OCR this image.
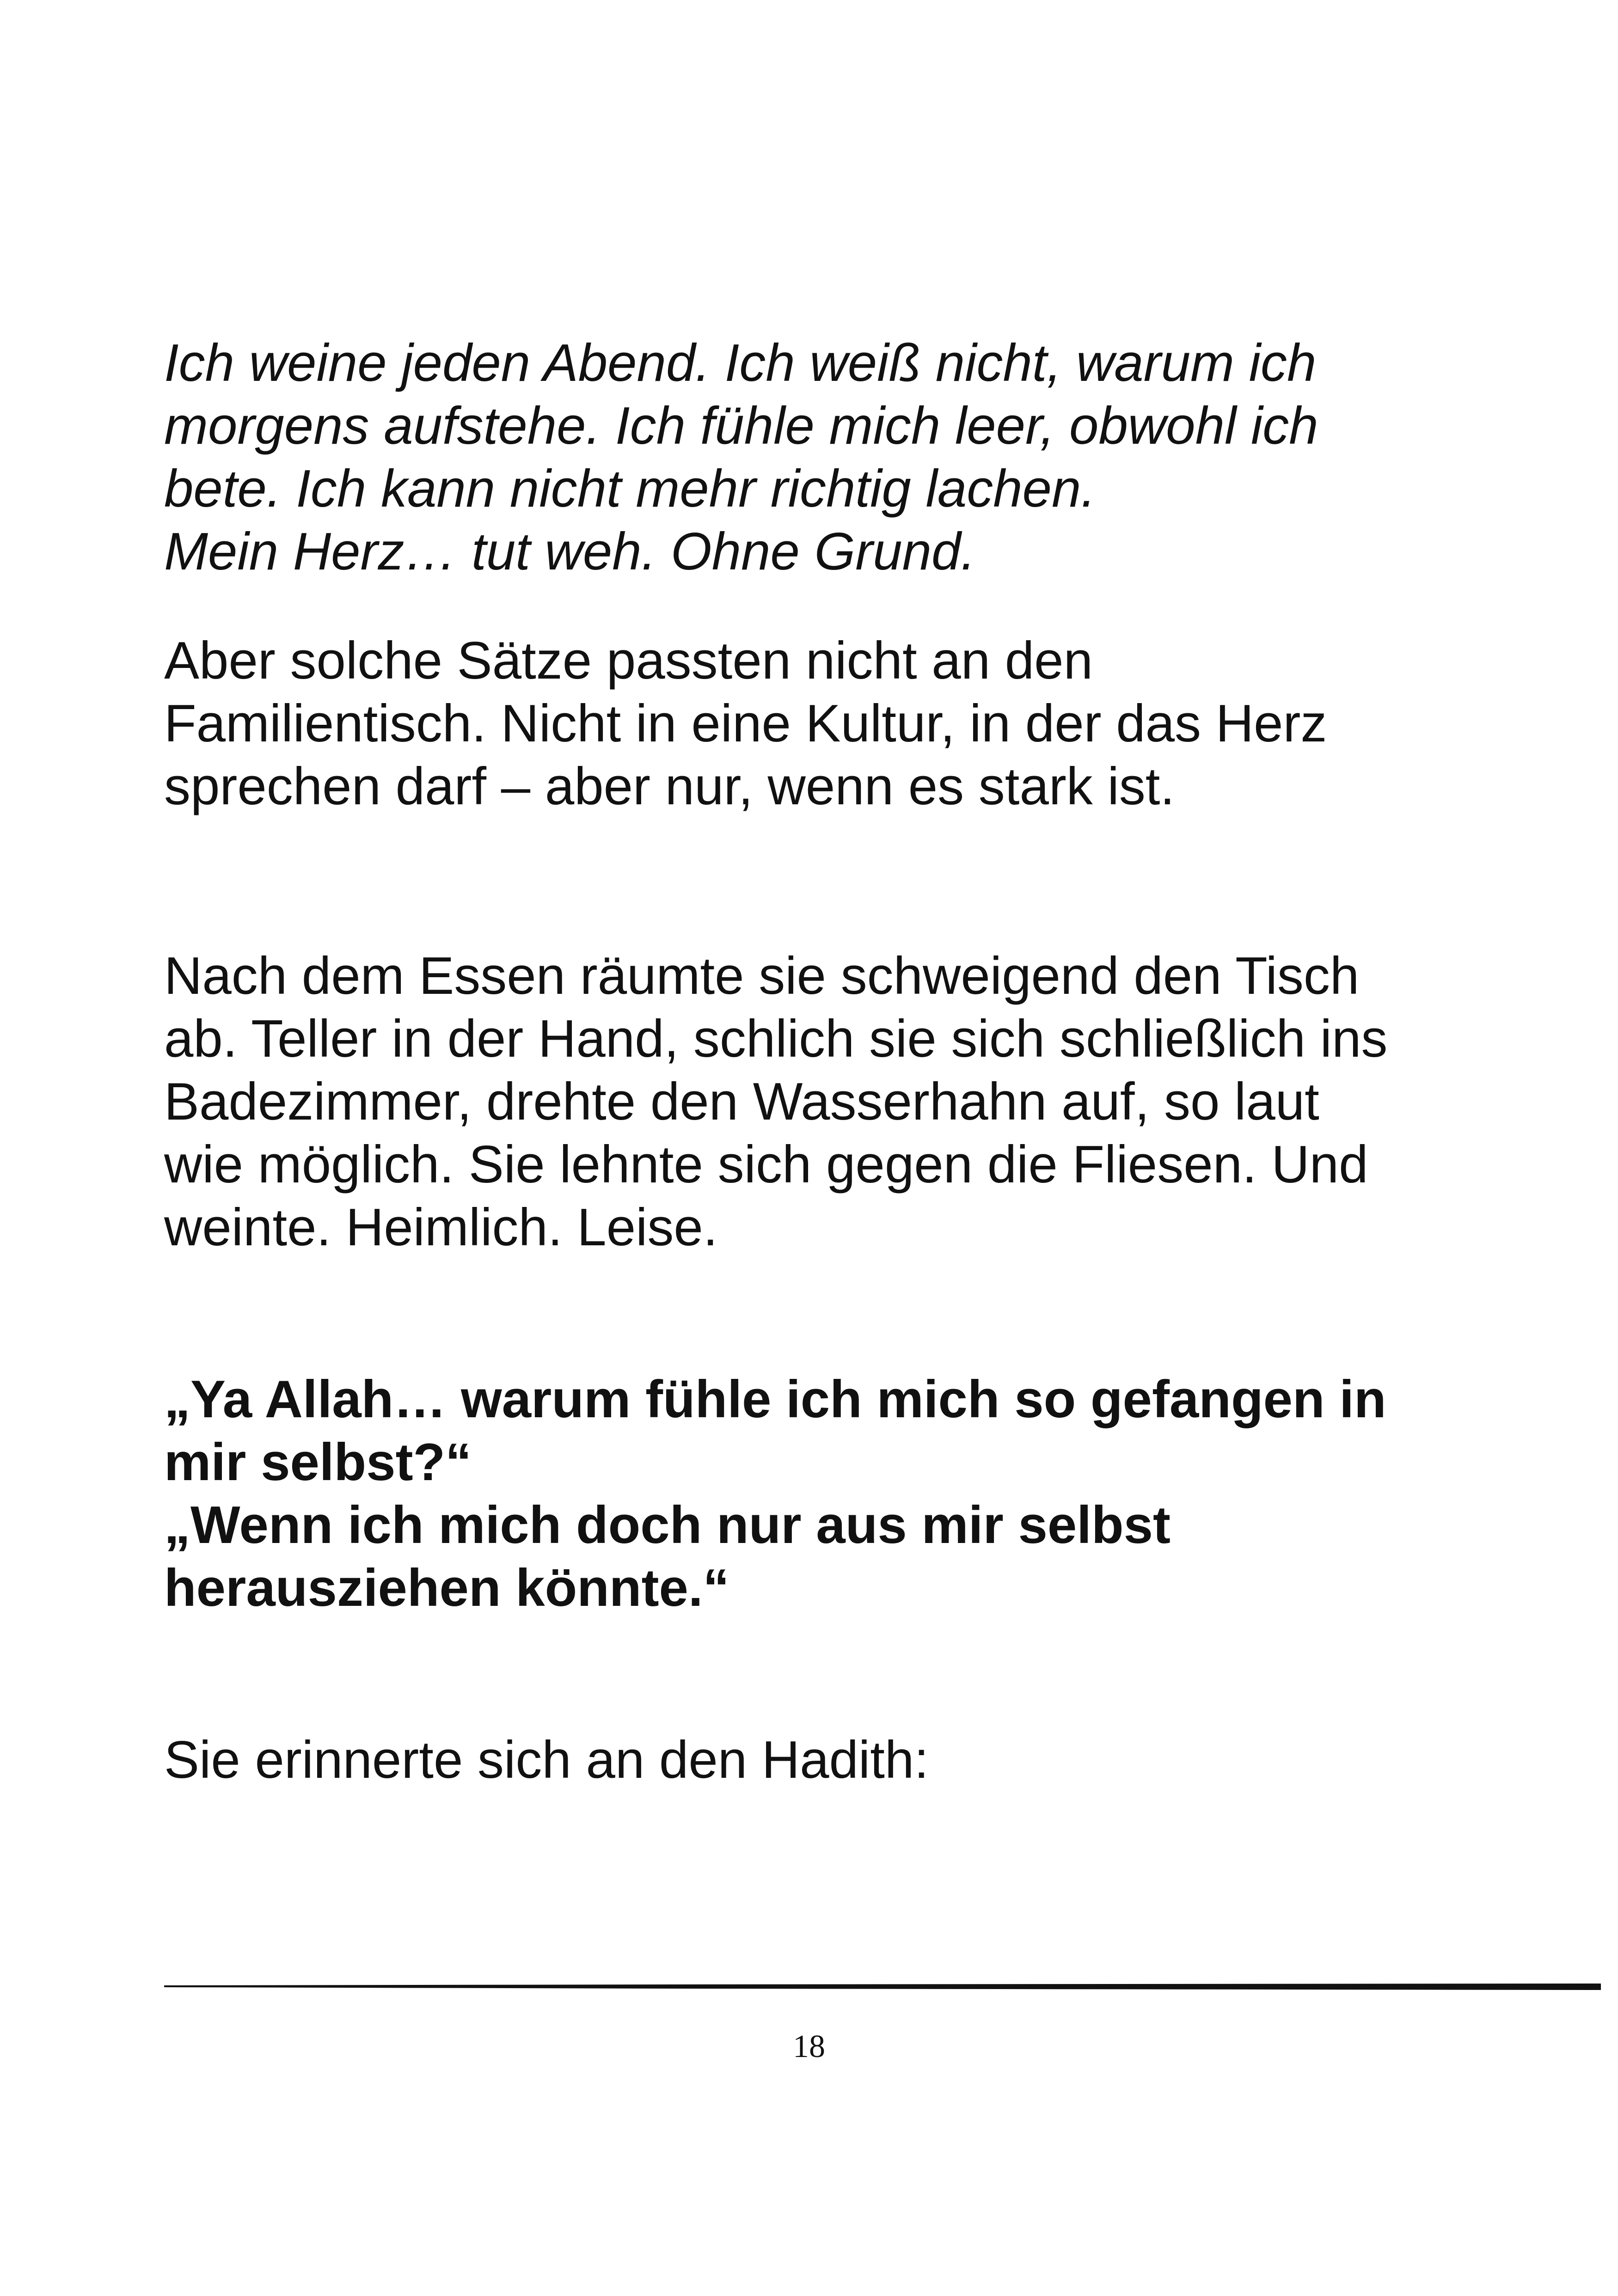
Ich weine jeden Abend. Ich weiß nicht, warum ich
morgens aufstehe. Ich fühle mich leer, obwohl ich
bete. Ich kann nicht mehr richtig lachen.
Mein Herz… tut weh. Ohne Grund.

Aber solche Sätze passten nicht an den
Familientisch. Nicht in eine Kultur, in der das Herz
sprechen darf – aber nur, wenn es stark ist.

Nach dem Essen räumte sie schweigend den Tisch
ab. Teller in der Hand, schlich sie sich schließlich ins
Badezimmer, drehte den Wasserhahn auf, so laut
wie möglich. Sie lehnte sich gegen die Fliesen. Und
weinte. Heimlich. Leise.

„Ya Allah… warum fühle ich mich so gefangen in
mir selbst?“
„Wenn ich mich doch nur aus mir selbst
herausziehen könnte.“

Sie erinnerte sich an den Hadith:

18
